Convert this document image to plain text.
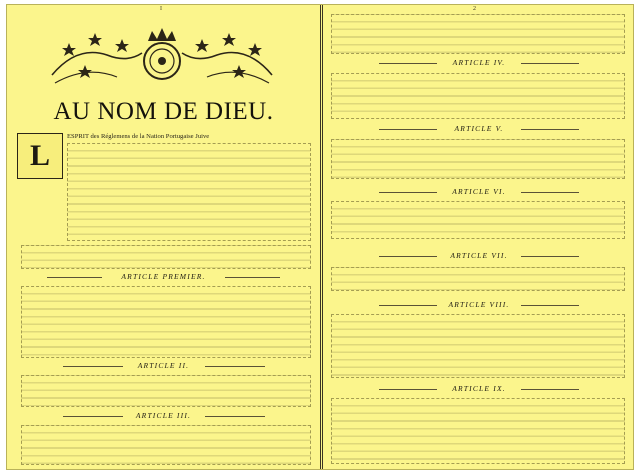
I	2
AU NOM DE DIEU.
L

ESPRIT des Réglemens de la Nation Portugaise Juive

ARTICLE PREMIER.

ARTICLE II.

ARTICLE III.

ARTICLE IV.

ARTICLE V.

ARTICLE VI.

ARTICLE VII.

ARTICLE VIII.

ARTICLE IX.
